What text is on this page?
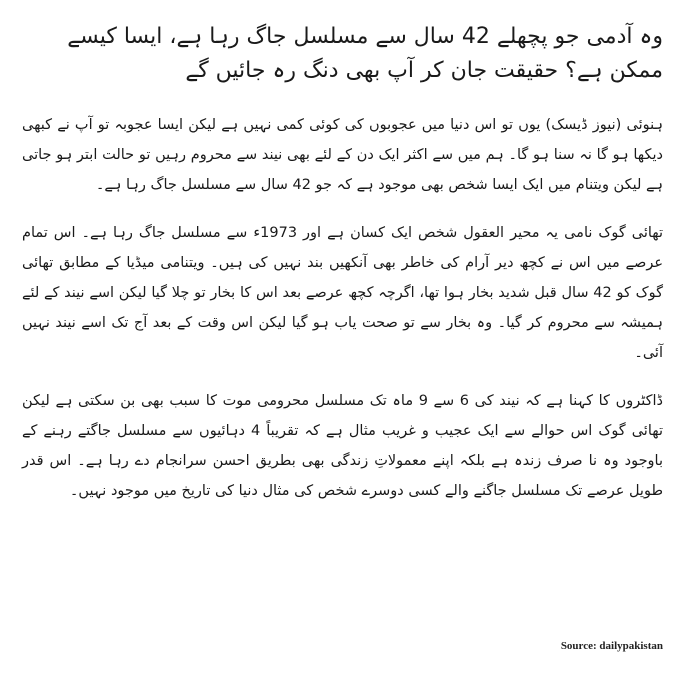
وہ آدمی جو پچھلے 42 سال سے مسلسل جاگ رہا ہے، ایسا کیسے ممکن ہے؟ حقیقت جان کر آپ بھی دنگ رہ جائیں گے

ہنوئی (نیوز ڈیسک) یوں تو اس دنیا میں عجوبوں کی کوئی کمی نہیں ہے لیکن ایسا عجوبہ تو آپ نے کبھی دیکھا ہو گا نہ سنا ہو گا۔ ہم میں سے اکثر ایک دن کے لئے بھی نیند سے محروم رہیں تو حالت ابتر ہو جاتی ہے لیکن ویتنام میں ایک ایسا شخص بھی موجود ہے کہ جو 42 سال سے مسلسل جاگ رہا ہے۔

تھائی گوک نامی یہ محیر العقول شخص ایک کسان ہے اور 1973ء سے مسلسل جاگ رہا ہے۔ اس تمام عرصے میں اس نے کچھ دیر آرام کی خاطر بھی آنکھیں بند نہیں کی ہیں۔ ویتنامی میڈیا کے مطابق تھائی گوک کو 42 سال قبل شدید بخار ہوا تھا، اگرچہ کچھ عرصے بعد اس کا بخار تو چلا گیا لیکن اسے نیند کے لئے ہمیشہ سے محروم کر گیا۔ وہ بخار سے تو صحت یاب ہو گیا لیکن اس وقت کے بعد آج تک اسے نیند نہیں آئی۔

ڈاکٹروں کا کہنا ہے کہ نیند کی 6 سے 9 ماہ تک مسلسل محرومی موت کا سبب بھی بن سکتی ہے لیکن تھائی گوک اس حوالے سے ایک عجیب و غریب مثال ہے کہ تقریباً 4 دہائیوں سے مسلسل جاگتے رہنے کے باوجود وہ نا صرف زندہ ہے بلکہ اپنے معمولاتِ زندگی بھی بطریق احسن سرانجام دے رہا ہے۔ اس قدر طویل عرصے تک مسلسل جاگنے والے کسی دوسرے شخص کی مثال دنیا کی تاریخ میں موجود نہیں۔

Source: dailypakistan
